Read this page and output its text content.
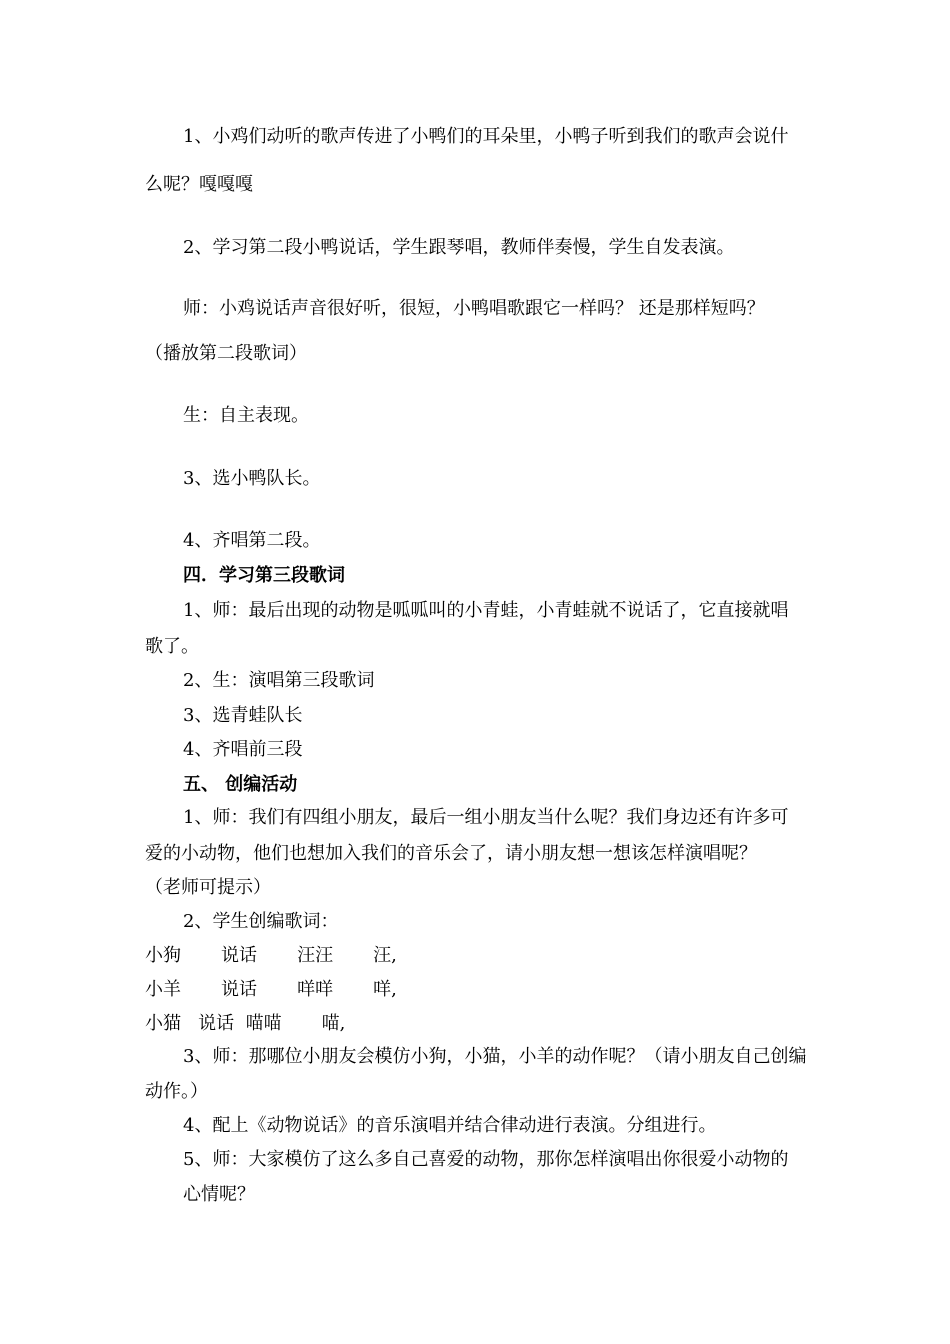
1、小鸡们动听的歌声传进了小鸭们的耳朵里，小鸭子听到我们的歌声会说什
么呢？嘎嘎嘎
2、学习第二段小鸭说话，学生跟琴唱，教师伴奏慢，学生自发表演。
师：小鸡说话声音很好听，很短，小鸭唱歌跟它一样吗？ 还是那样短吗？
（播放第二段歌词）
生：自主表现。
3、选小鸭队长。
4、齐唱第二段。
四．学习第三段歌词
1、师：最后出现的动物是呱呱叫的小青蛙，小青蛙就不说话了，它直接就唱
歌了。
2、生：演唱第三段歌词
3、选青蛙队长
4、齐唱前三段
五、 创编活动
1、师：我们有四组小朋友，最后一组小朋友当什么呢？我们身边还有许多可
爱的小动物，他们也想加入我们的音乐会了，请小朋友想一想该怎样演唱呢？
（老师可提示）
2、学生创编歌词：
小狗       说话       汪汪       汪,
小羊       说话       咩咩       咩,
小猫   说话  喵喵       喵,
3、师：那哪位小朋友会模仿小狗，小猫，小羊的动作呢？（请小朋友自己创编
动作。）
4、配上《动物说话》的音乐演唱并结合律动进行表演。分组进行。
5、师：大家模仿了这么多自己喜爱的动物，那你怎样演唱出你很爱小动物的
心情呢？
